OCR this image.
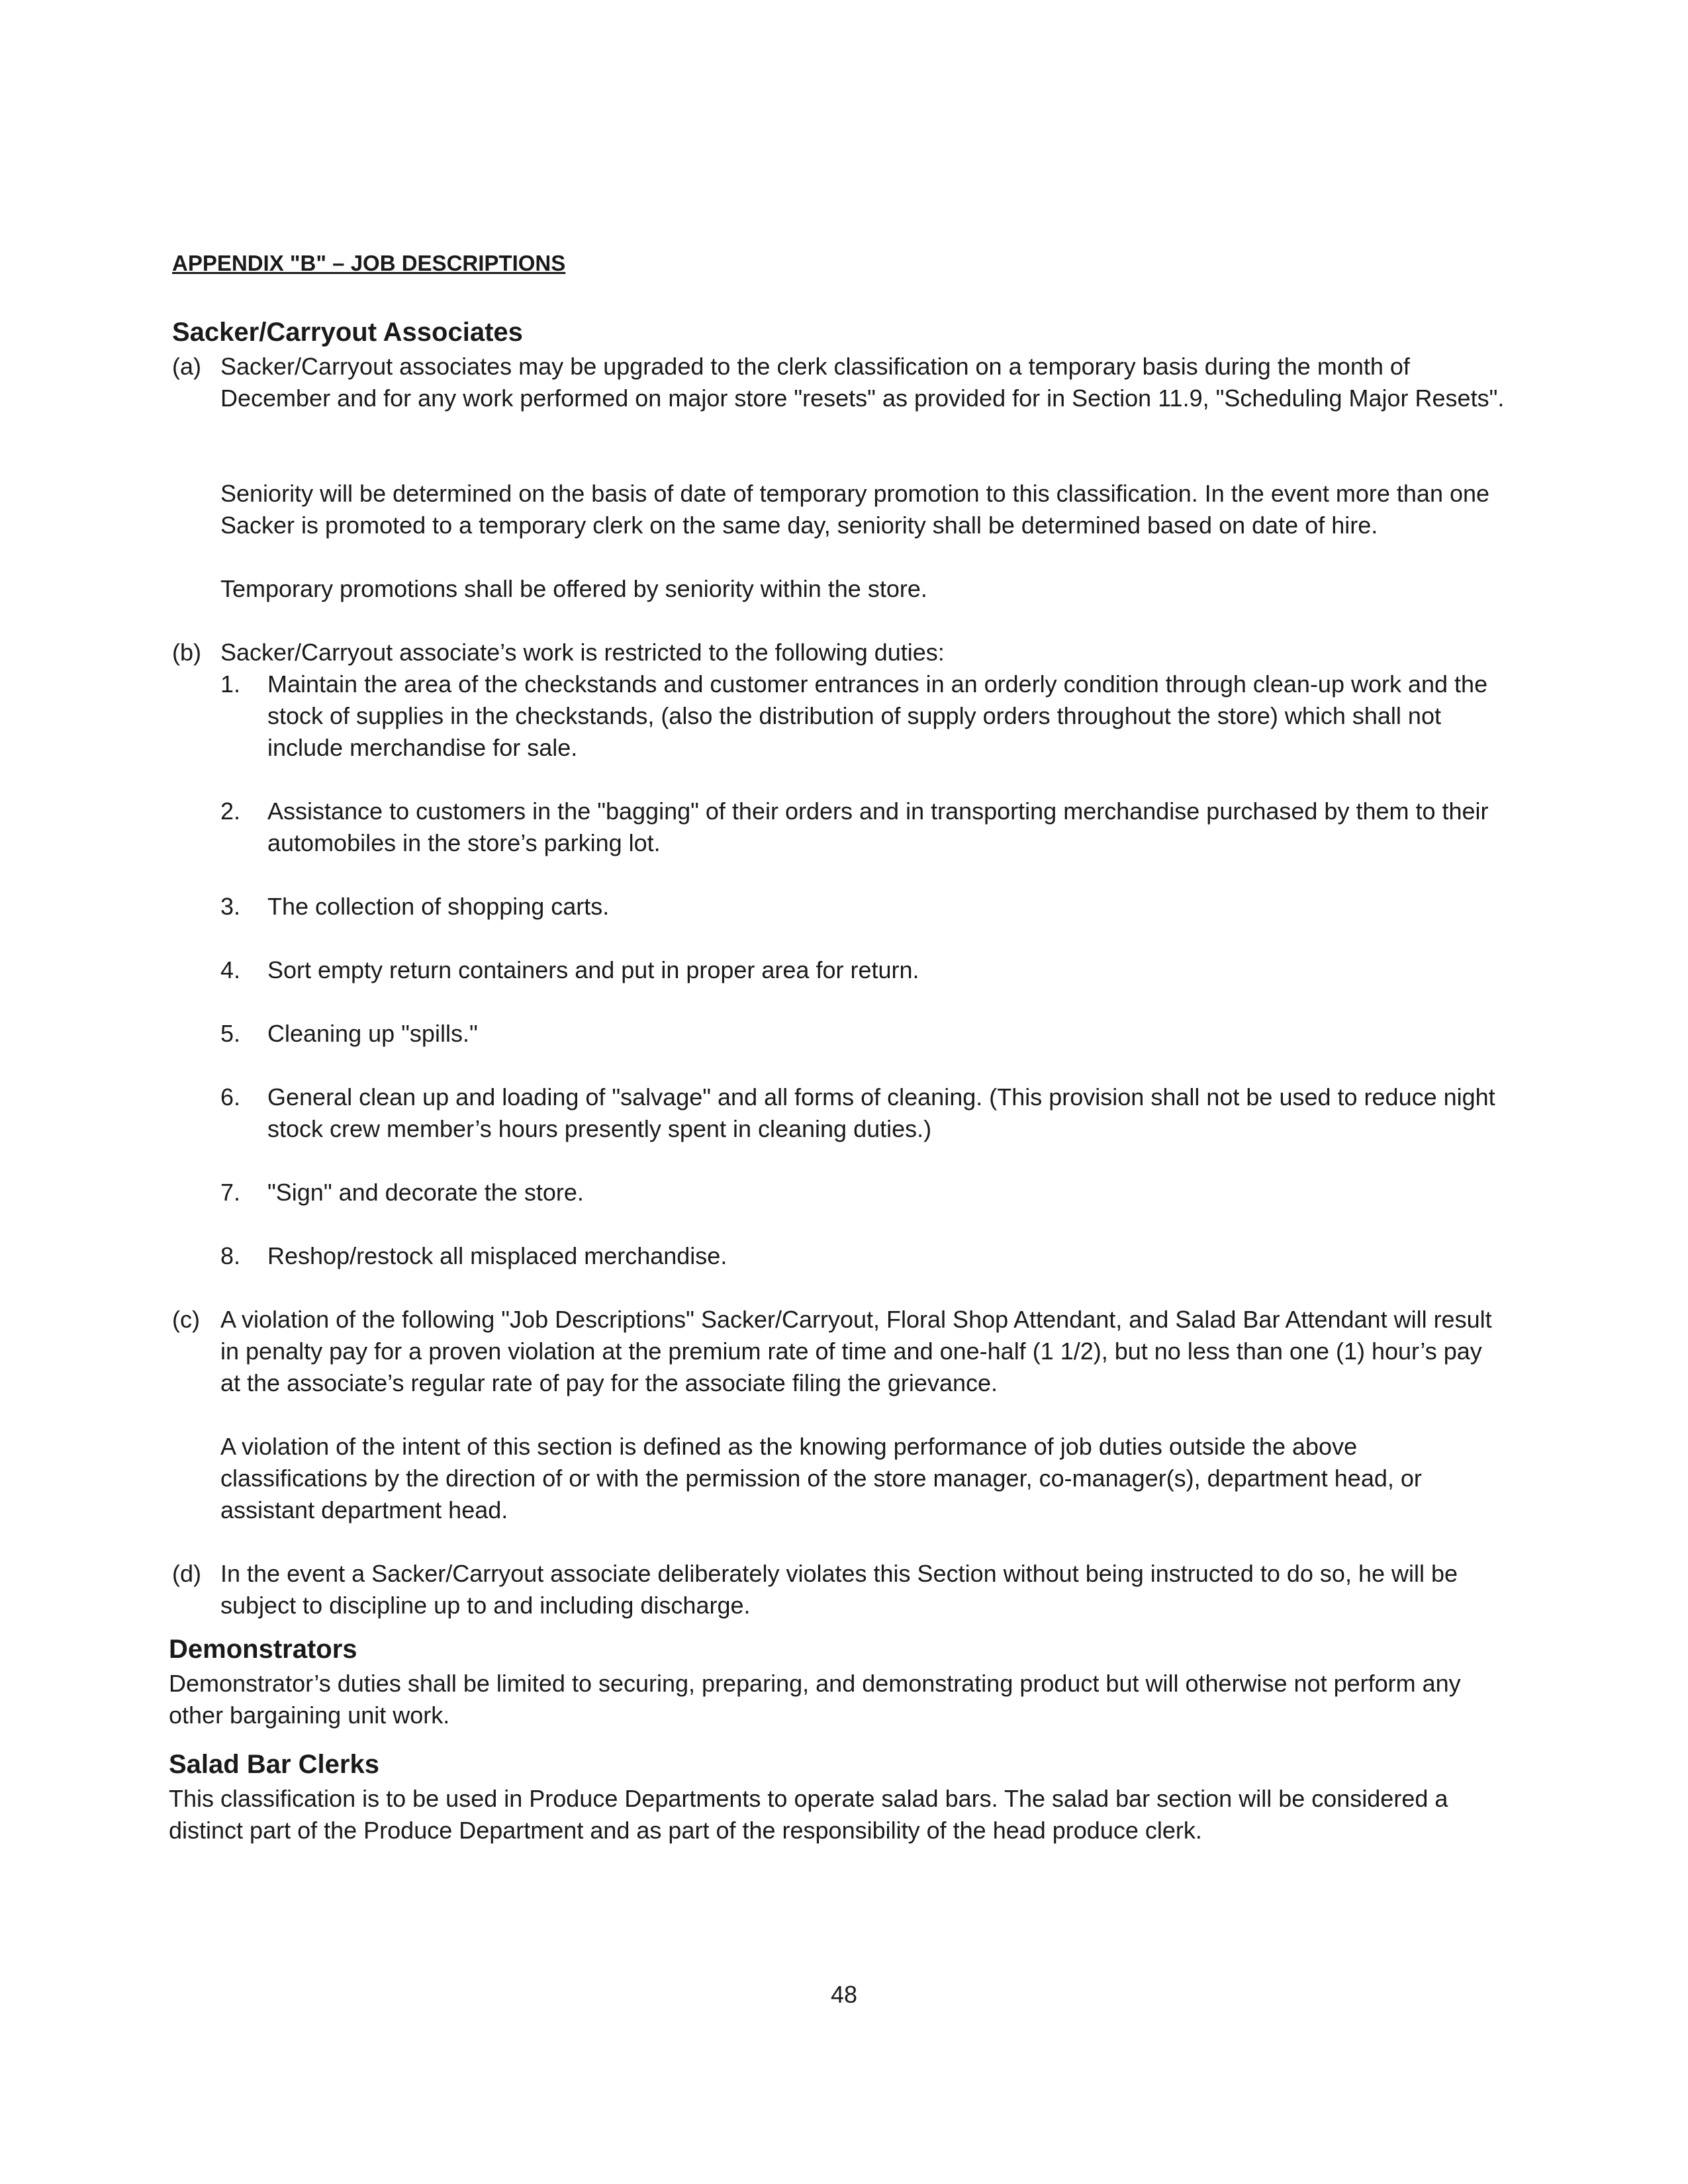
APPENDIX "B" – JOB DESCRIPTIONS
Sacker/Carryout Associates
(a) Sacker/Carryout associates may be upgraded to the clerk classification on a temporary basis during the month of December and for any work performed on major store "resets" as provided for in Section 11.9, "Scheduling Major Resets".
Seniority will be determined on the basis of date of temporary promotion to this classification. In the event more than one Sacker is promoted to a temporary clerk on the same day, seniority shall be determined based on date of hire.
Temporary promotions shall be offered by seniority within the store.
(b) Sacker/Carryout associate’s work is restricted to the following duties:
1. Maintain the area of the checkstands and customer entrances in an orderly condition through clean-up work and the stock of supplies in the checkstands, (also the distribution of supply orders throughout the store) which shall not include merchandise for sale.
2. Assistance to customers in the "bagging" of their orders and in transporting merchandise purchased by them to their automobiles in the store’s parking lot.
3. The collection of shopping carts.
4. Sort empty return containers and put in proper area for return.
5. Cleaning up "spills."
6. General clean up and loading of "salvage" and all forms of cleaning. (This provision shall not be used to reduce night stock crew member’s hours presently spent in cleaning duties.)
7. "Sign" and decorate the store.
8. Reshop/restock all misplaced merchandise.
(c) A violation of the following "Job Descriptions" Sacker/Carryout, Floral Shop Attendant, and Salad Bar Attendant will result in penalty pay for a proven violation at the premium rate of time and one-half (1 1/2), but no less than one (1) hour’s pay at the associate’s regular rate of pay for the associate filing the grievance.
A violation of the intent of this section is defined as the knowing performance of job duties outside the above classifications by the direction of or with the permission of the store manager, co-manager(s), department head, or assistant department head.
(d) In the event a Sacker/Carryout associate deliberately violates this Section without being instructed to do so, he will be subject to discipline up to and including discharge.
Demonstrators
Demonstrator’s duties shall be limited to securing, preparing, and demonstrating product but will otherwise not perform any other bargaining unit work.
Salad Bar Clerks
This classification is to be used in Produce Departments to operate salad bars. The salad bar section will be considered a distinct part of the Produce Department and as part of the responsibility of the head produce clerk.
48
